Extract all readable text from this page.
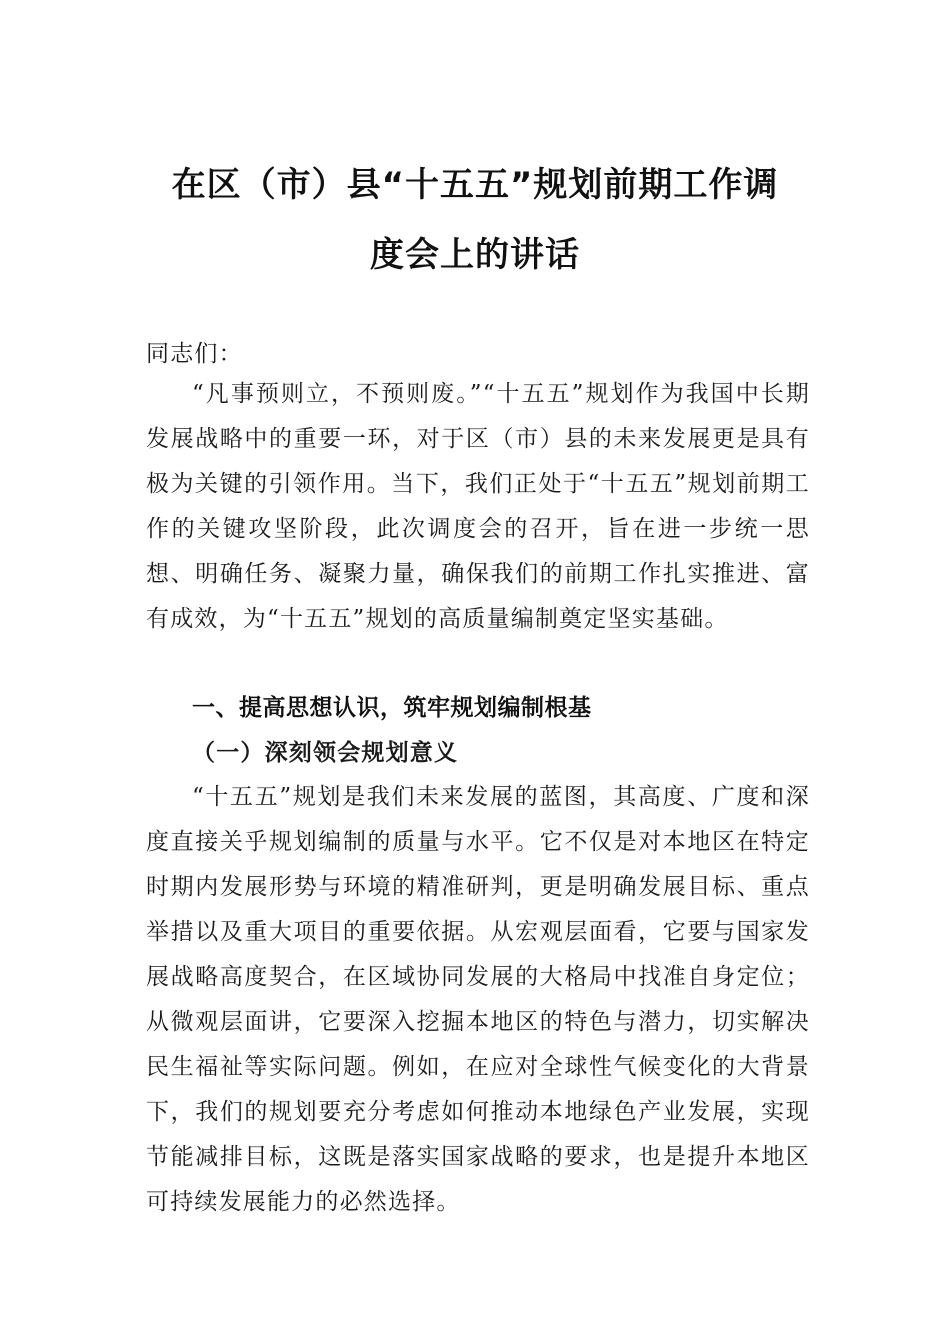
在区（市）县“十五五”规划前期工作调
度会上的讲话

同志们：

“凡事预则立，不预则废。”“十五五”规划作为我国中长期发展战略中的重要一环，对于区（市）县的未来发展更是具有极为关键的引领作用。当下，我们正处于“十五五”规划前期工作的关键攻坚阶段，此次调度会的召开，旨在进一步统一思想、明确任务、凝聚力量，确保我们的前期工作扎实推进、富有成效，为“十五五”规划的高质量编制奠定坚实基础。

一、提高思想认识，筑牢规划编制根基
（一）深刻领会规划意义

“十五五”规划是我们未来发展的蓝图，其高度、广度和深度直接关乎规划编制的质量与水平。它不仅是对本地区在特定时期内发展形势与环境的精准研判，更是明确发展目标、重点举措以及重大项目的重要依据。从宏观层面看，它要与国家发展战略高度契合，在区域协同发展的大格局中找准自身定位；从微观层面讲，它要深入挖掘本地区的特色与潜力，切实解决民生福祉等实际问题。例如，在应对全球性气候变化的大背景下，我们的规划要充分考虑如何推动本地绿色产业发展，实现节能减排目标，这既是落实国家战略的要求，也是提升本地区可持续发展能力的必然选择。
